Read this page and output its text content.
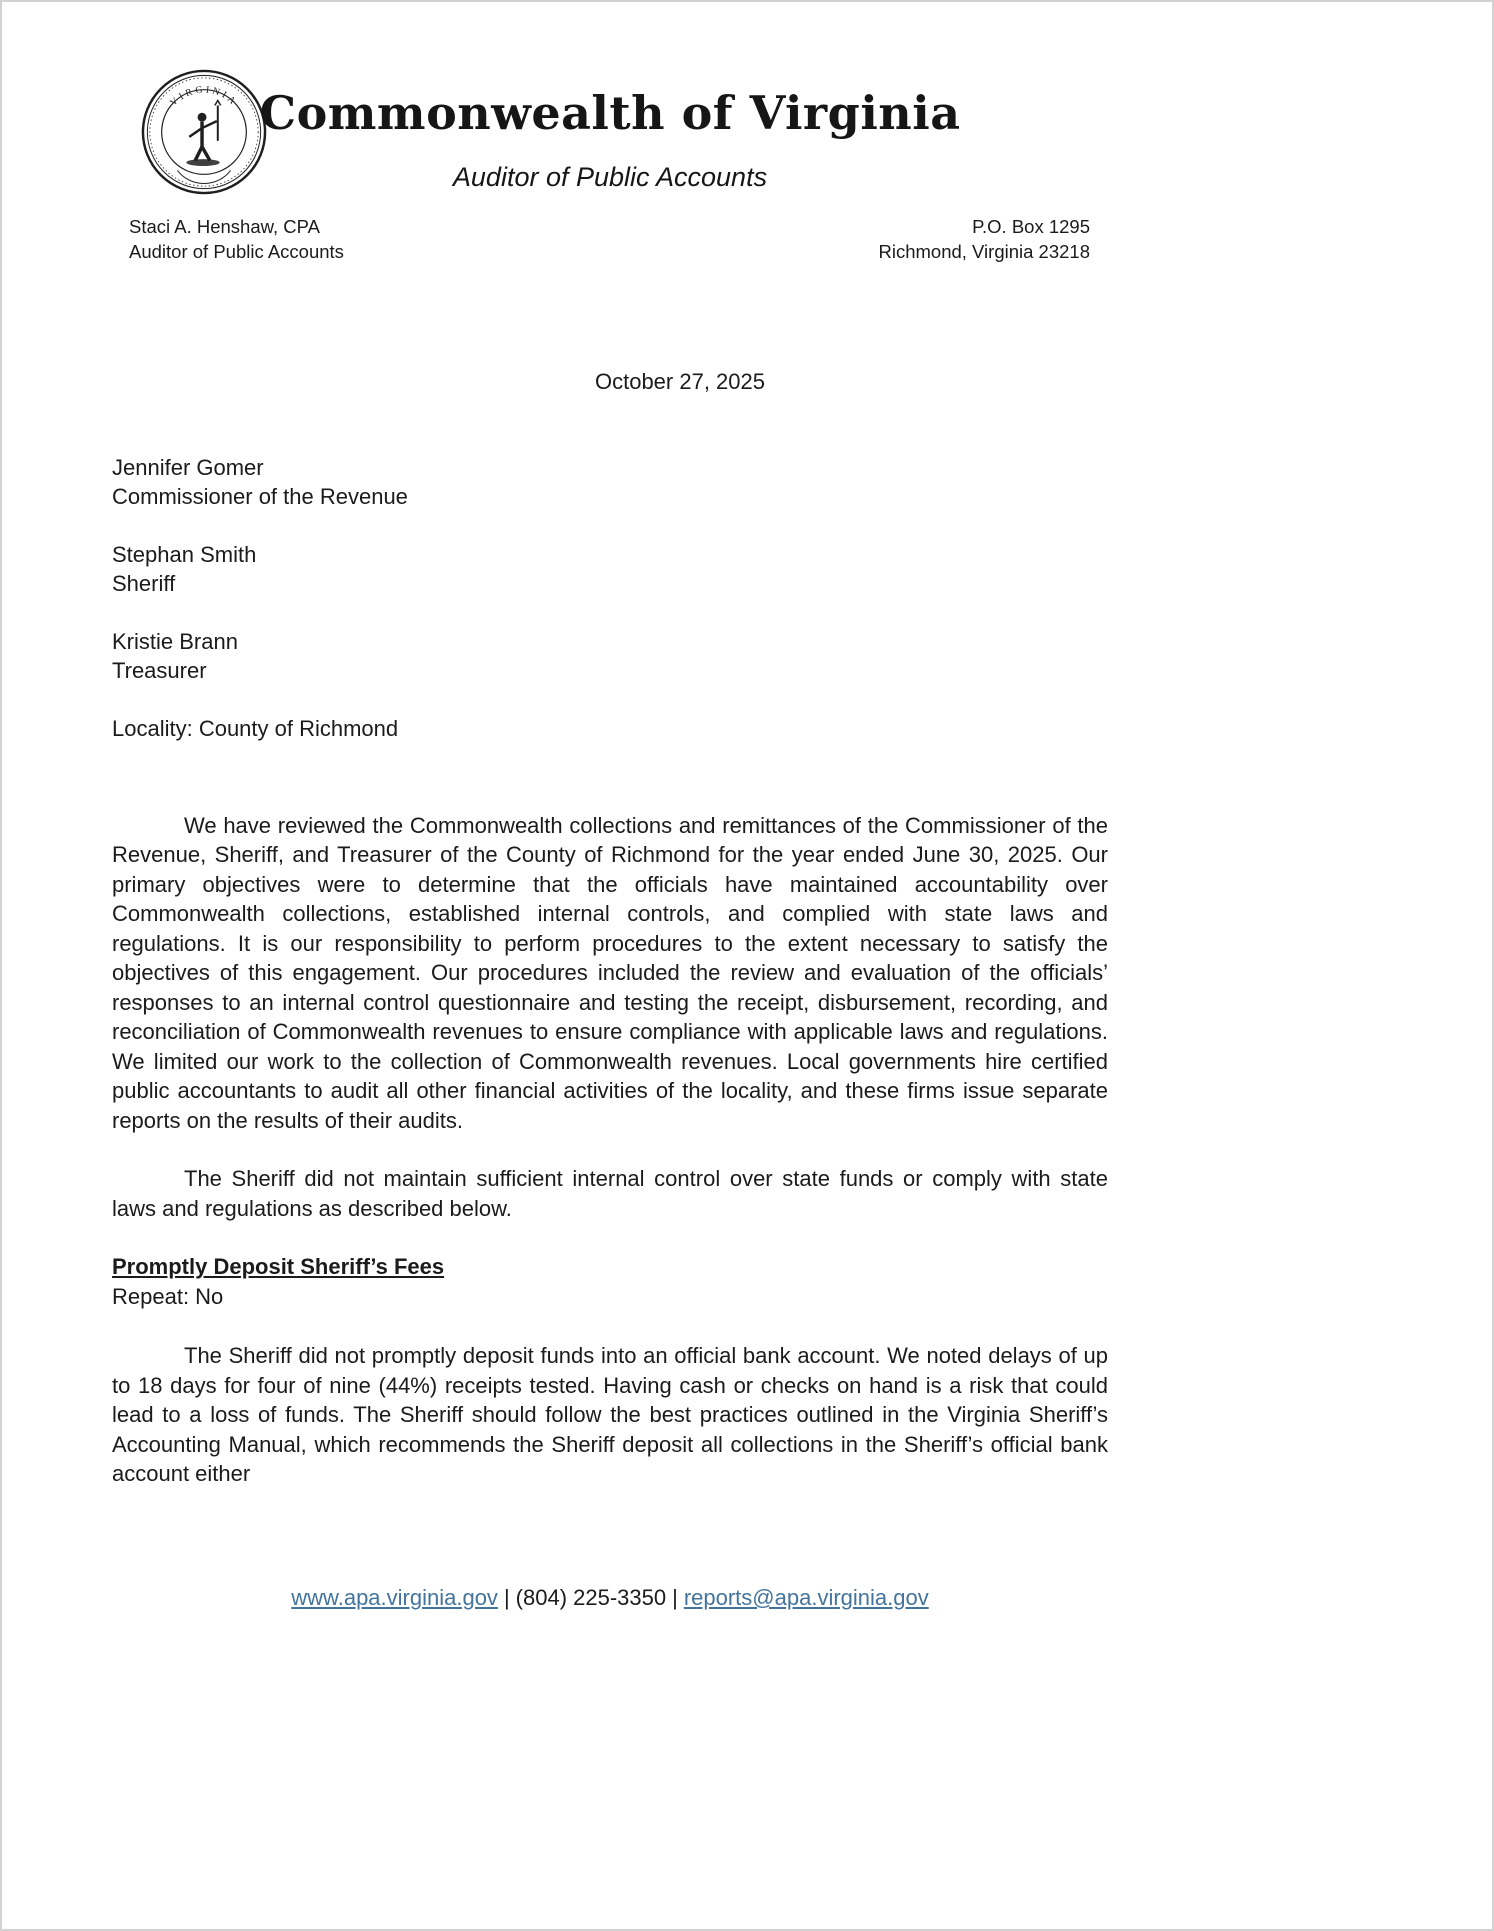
VIRGINIA Commonwealth of Virginia
Auditor of Public Accounts
Staci A. Henshaw, CPA
Auditor of Public Accounts
P.O. Box 1295
Richmond, Virginia 23218
October 27, 2025
Jennifer Gomer
Commissioner of the Revenue
Stephan Smith
Sheriff
Kristie Brann
Treasurer
Locality: County of Richmond

We have reviewed the Commonwealth collections and remittances of the Commissioner of the Revenue, Sheriff, and Treasurer of the County of Richmond for the year ended June 30, 2025. Our primary objectives were to determine that the officials have maintained accountability over Commonwealth collections, established internal controls, and complied with state laws and regulations. It is our responsibility to perform procedures to the extent necessary to satisfy the objectives of this engagement. Our procedures included the review and evaluation of the officials’ responses to an internal control questionnaire and testing the receipt, disbursement, recording, and reconciliation of Commonwealth revenues to ensure compliance with applicable laws and regulations. We limited our work to the collection of Commonwealth revenues. Local governments hire certified public accountants to audit all other financial activities of the locality, and these firms issue separate reports on the results of their audits.

The Sheriff did not maintain sufficient internal control over state funds or comply with state laws and regulations as described below.

Promptly Deposit Sheriff’s Fees
Repeat: No

The Sheriff did not promptly deposit funds into an official bank account. We noted delays of up to 18 days for four of nine (44%) receipts tested. Having cash or checks on hand is a risk that could lead to a loss of funds. The Sheriff should follow the best practices outlined in the Virginia Sheriff’s Accounting Manual, which recommends the Sheriff deposit all collections in the Sheriff’s official bank account either

www.apa.virginia.gov | (804) 225-3350 | reports@apa.virginia.gov
